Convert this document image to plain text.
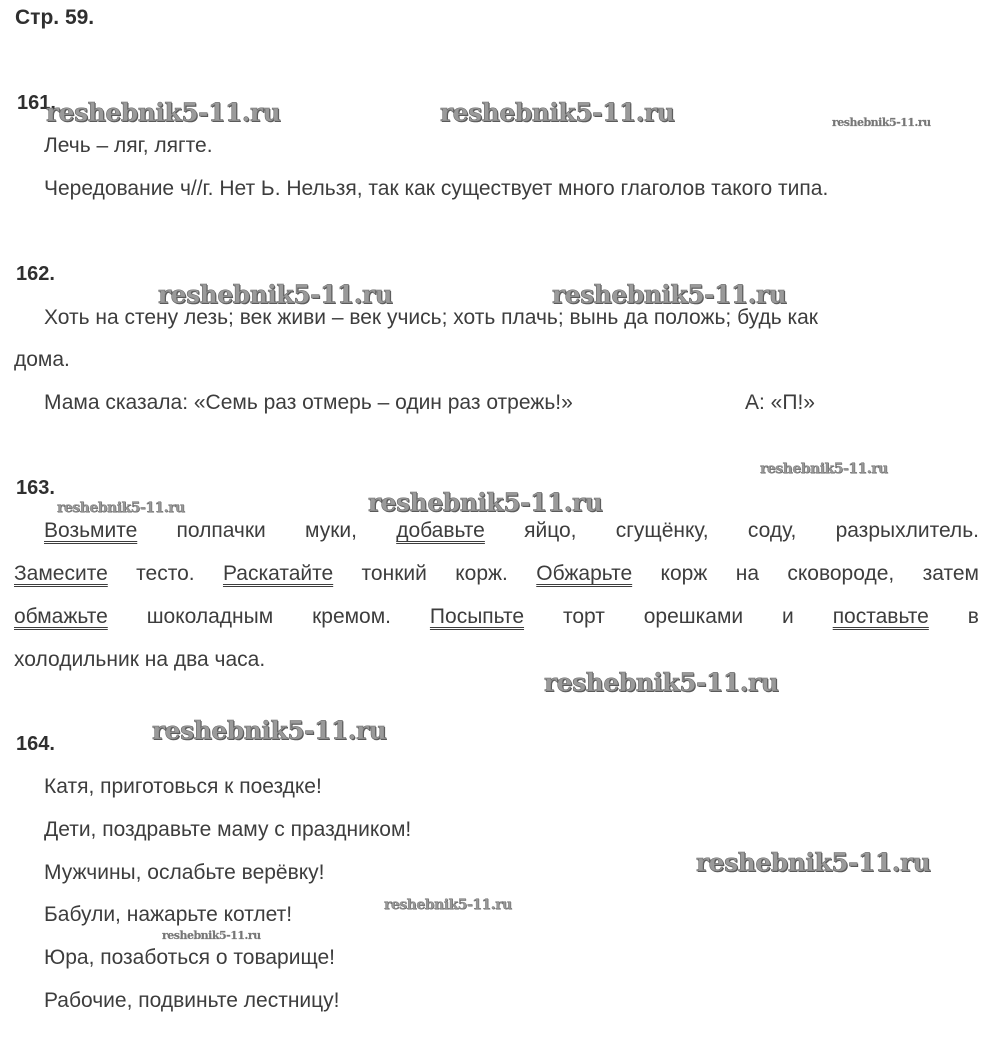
Стр. 59.
161.
Лечь – ляг, лягте.
Чередование ч//г. Нет Ь. Нельзя, так как существует много глаголов такого типа.
162.
Хоть на стену лезь; век живи – век учись; хоть плачь; вынь да положь; будь как
дома.
Мама сказала: «Семь раз отмерь – один раз отрежь!»	А: «П!»
163.
Возьмите полпачки муки, добавьте яйцо, сгущёнку, соду, разрыхлитель.
Замесите тесто. Раскатайте тонкий корж. Обжарьте корж на сковороде, затем
обмажьте шоколадным кремом. Посыпьте торт орешками и поставьте в
холодильник на два часа.
164.
Катя, приготовься к поездке!
Дети, поздравьте маму с праздником!
Мужчины, ослабьте верёвку!
Бабули, нажарьте котлет!
Юра, позаботься о товарище!
Рабочие, подвиньте лестницу!
reshebnik5-11.ru	reshebnik5-11.ru	reshebnik5-11.ru
reshebnik5-11.ru	reshebnik5-11.ru
reshebnik5-11.ru
reshebnik5-11.ru	reshebnik5-11.ru
reshebnik5-11.ru
reshebnik5-11.ru
reshebnik5-11.ru
reshebnik5-11.ru
reshebnik5-11.ru
